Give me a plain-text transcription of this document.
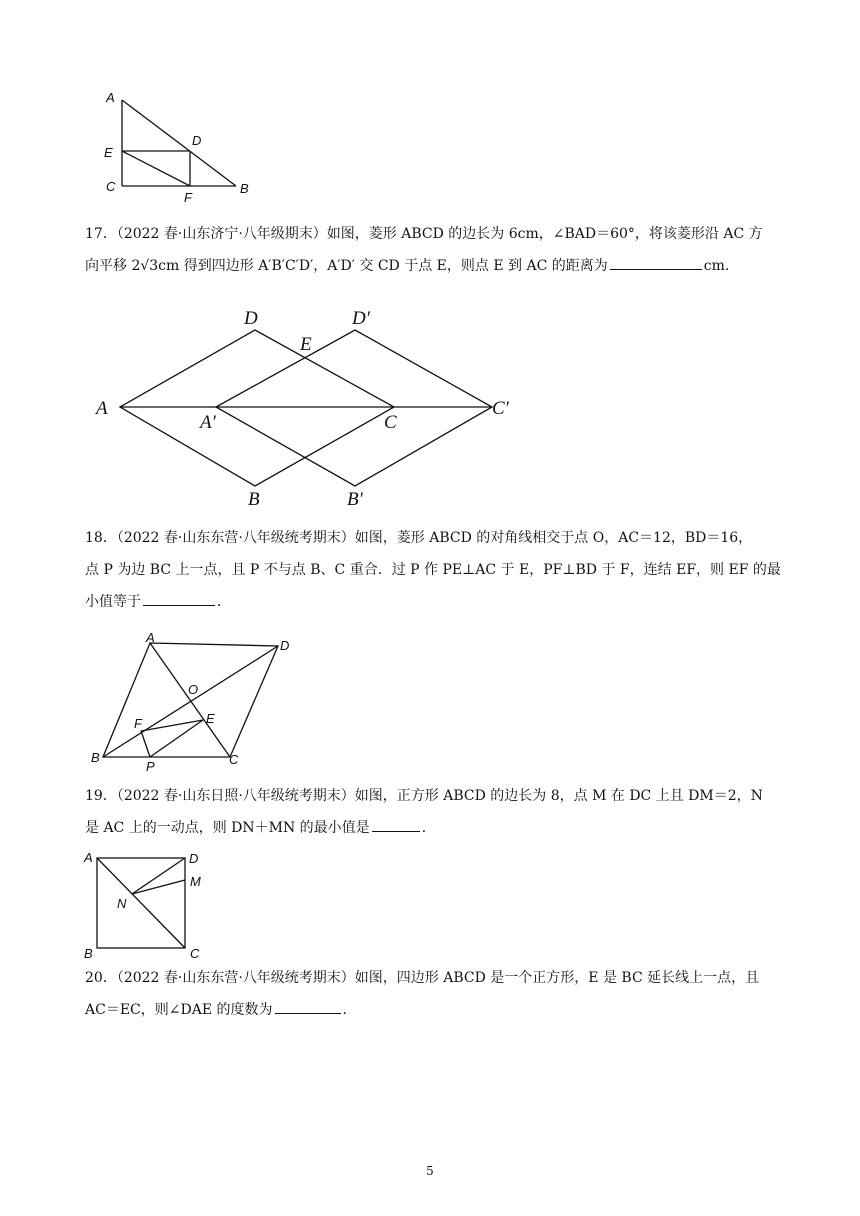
A
D
E
C
F
B
17．（2022 春·山东济宁·八年级期末）如图，菱形 ABCD 的边长为 6cm，∠BAD＝60°，将该菱形沿 AC 方
向平移 2√3cm 得到四边形 A′B′C′D′，A′D′ 交 CD 于点 E，则点 E 到 AC 的距离为	cm．
D
E
D′
A
A′	C
C′
B	B′
18．（2022 春·山东东营·八年级统考期末）如图，菱形 ABCD 的对角线相交于点 O，AC＝12，BD＝16，
点 P 为边 BC 上一点，且 P 不与点 B、C 重合．过 P 作 PE⊥AC 于 E，PF⊥BD 于 F，连结 EF，则 EF 的最
小值等于	．
A
D
O
F	E
B
P	C
19．（2022 春·山东日照·八年级统考期末）如图，正方形 ABCD 的边长为 8，点 M 在 DC 上且 DM＝2，N
是 AC 上的一动点，则 DN＋MN 的最小值是	．
A	D
M
N
B	C
20．（2022 春·山东东营·八年级统考期末）如图，四边形 ABCD 是一个正方形，E 是 BC 延长线上一点，且
AC＝EC，则∠DAE 的度数为	．
5
